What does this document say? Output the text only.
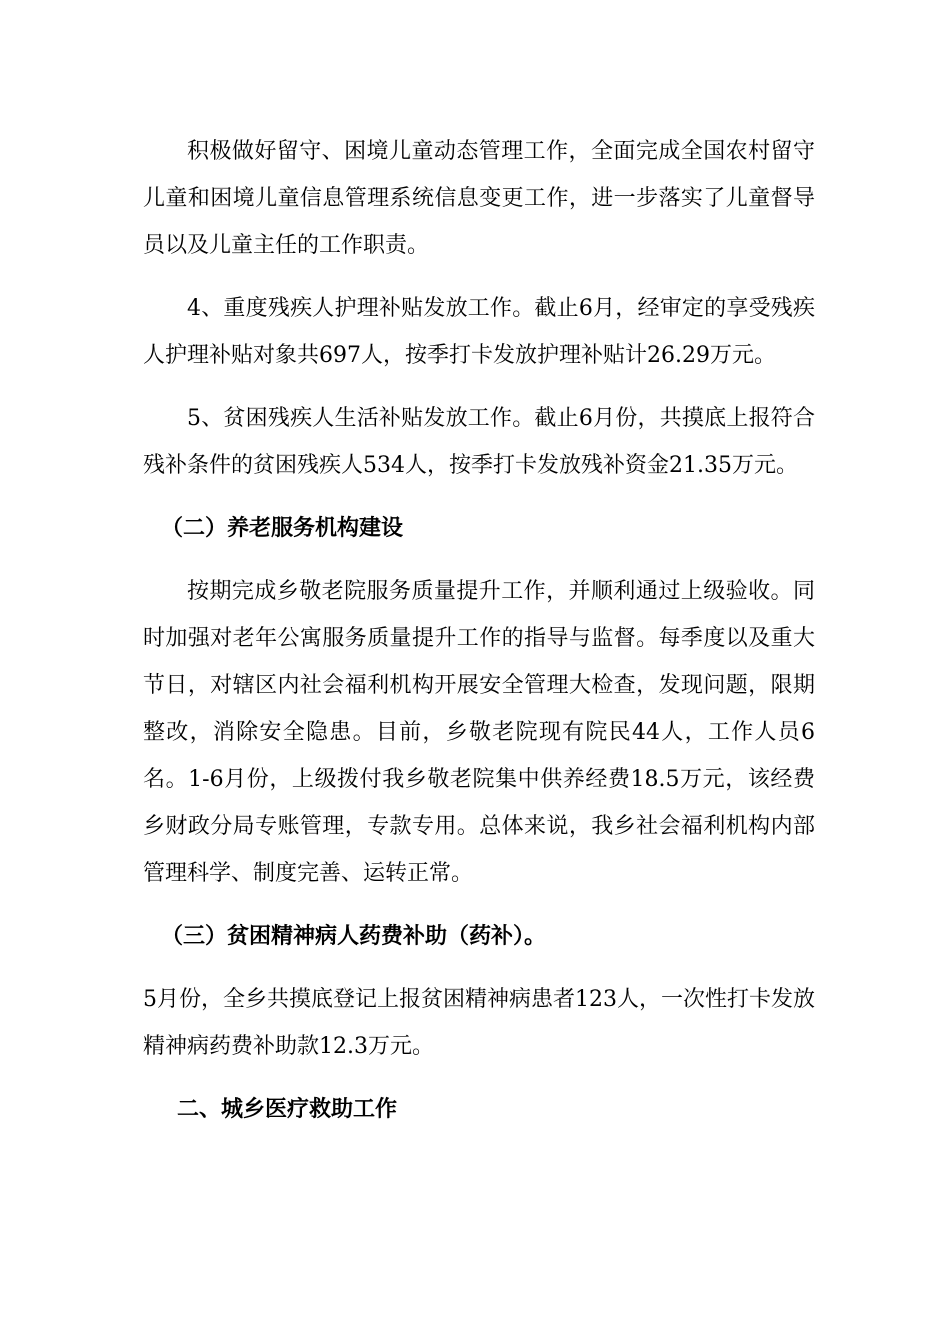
积极做好留守、困境儿童动态管理工作，全面完成全国农村留守儿童和困境儿童信息管理系统信息变更工作，进一步落实了儿童督导员以及儿童主任的工作职责。

4、重度残疾人护理补贴发放工作。截止6月，经审定的享受残疾人护理补贴对象共697人，按季打卡发放护理补贴计26.29万元。

5、贫困残疾人生活补贴发放工作。截止6月份，共摸底上报符合残补条件的贫困残疾人534人，按季打卡发放残补资金21.35万元。

（二）养老服务机构建设

按期完成乡敬老院服务质量提升工作，并顺利通过上级验收。同时加强对老年公寓服务质量提升工作的指导与监督。每季度以及重大节日，对辖区内社会福利机构开展安全管理大检查，发现问题，限期整改，消除安全隐患。目前，乡敬老院现有院民44人，工作人员6名。1-6月份，上级拨付我乡敬老院集中供养经费18.5万元，该经费乡财政分局专账管理，专款专用。总体来说，我乡社会福利机构内部管理科学、制度完善、运转正常。

（三）贫困精神病人药费补助（药补）。

5月份，全乡共摸底登记上报贫困精神病患者123人，一次性打卡发放精神病药费补助款12.3万元。

二、城乡医疗救助工作
